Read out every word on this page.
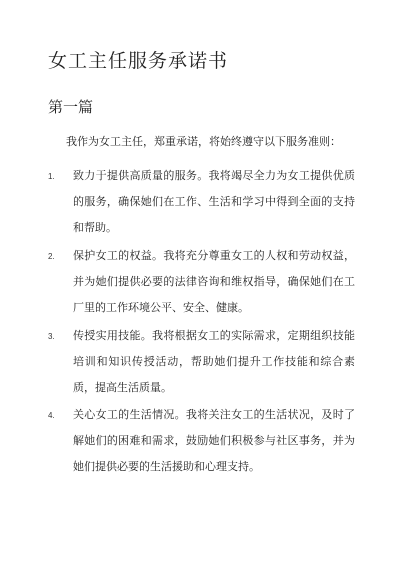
女工主任服务承诺书
第一篇

我作为女工主任，郑重承诺，将始终遵守以下服务准则：

1. 致力于提供高质量的服务。我将竭尽全力为女工提供优质的服务，确保她们在工作、生活和学习中得到全面的支持和帮助。

2. 保护女工的权益。我将充分尊重女工的人权和劳动权益，并为她们提供必要的法律咨询和维权指导，确保她们在工厂里的工作环境公平、安全、健康。

3. 传授实用技能。我将根据女工的实际需求，定期组织技能培训和知识传授活动，帮助她们提升工作技能和综合素质，提高生活质量。

4. 关心女工的生活情况。我将关注女工的生活状况，及时了解她们的困难和需求，鼓励她们积极参与社区事务，并为她们提供必要的生活援助和心理支持。
